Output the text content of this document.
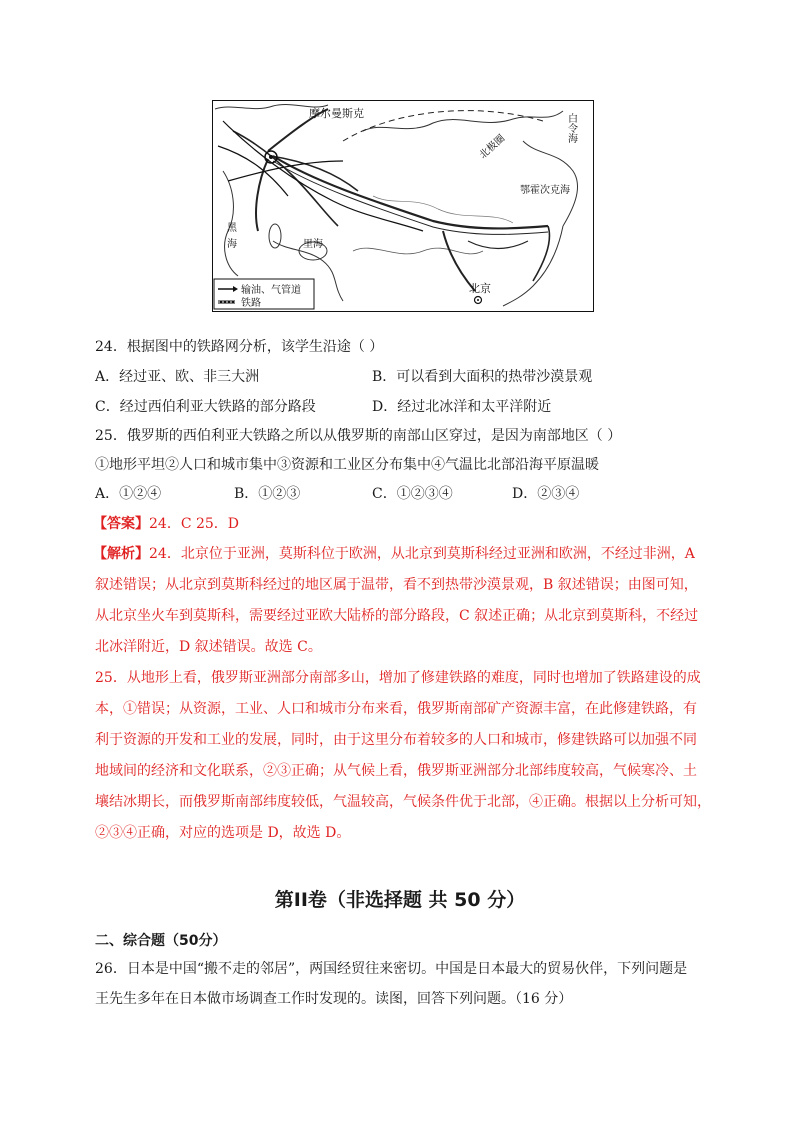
摩尔曼斯克
北极圈
白令海
鄂霍次克海
黑
海	里海
北京
输油、气管道
铁路
24．根据图中的铁路网分析，该学生沿途（ ）
A．经过亚、欧、非三大洲	B．可以看到大面积的热带沙漠景观
C．经过西伯利亚大铁路的部分路段	D．经过北冰洋和太平洋附近
25．俄罗斯的西伯利亚大铁路之所以从俄罗斯的南部山区穿过，是因为南部地区（ ）
①地形平坦②人口和城市集中③资源和工业区分布集中④气温比北部沿海平原温暖
A．①②④	B．①②③	C．①②③④	D．②③④
【答案】24．C 25．D
【解析】24．北京位于亚洲，莫斯科位于欧洲，从北京到莫斯科经过亚洲和欧洲，不经过非洲，A
叙述错误；从北京到莫斯科经过的地区属于温带，看不到热带沙漠景观，B 叙述错误；由图可知，
从北京坐火车到莫斯科，需要经过亚欧大陆桥的部分路段，C 叙述正确；从北京到莫斯科，不经过
北冰洋附近，D 叙述错误。故选 C。
25．从地形上看，俄罗斯亚洲部分南部多山，增加了修建铁路的难度，同时也增加了铁路建设的成
本，①错误；从资源，工业、人口和城市分布来看，俄罗斯南部矿产资源丰富，在此修建铁路，有
利于资源的开发和工业的发展，同时，由于这里分布着较多的人口和城市，修建铁路可以加强不同
地域间的经济和文化联系，②③正确；从气候上看，俄罗斯亚洲部分北部纬度较高，气候寒冷、土
壤结冰期长，而俄罗斯南部纬度较低，气温较高，气候条件优于北部，④正确。根据以上分析可知，
②③④正确，对应的选项是 D，故选 D。
第II卷（非选择题 共 50 分）
二、综合题（50分）
26．日本是中国“搬不走的邻居”，两国经贸往来密切。中国是日本最大的贸易伙伴，下列问题是
王先生多年在日本做市场调查工作时发现的。读图，回答下列问题。（16 分）
